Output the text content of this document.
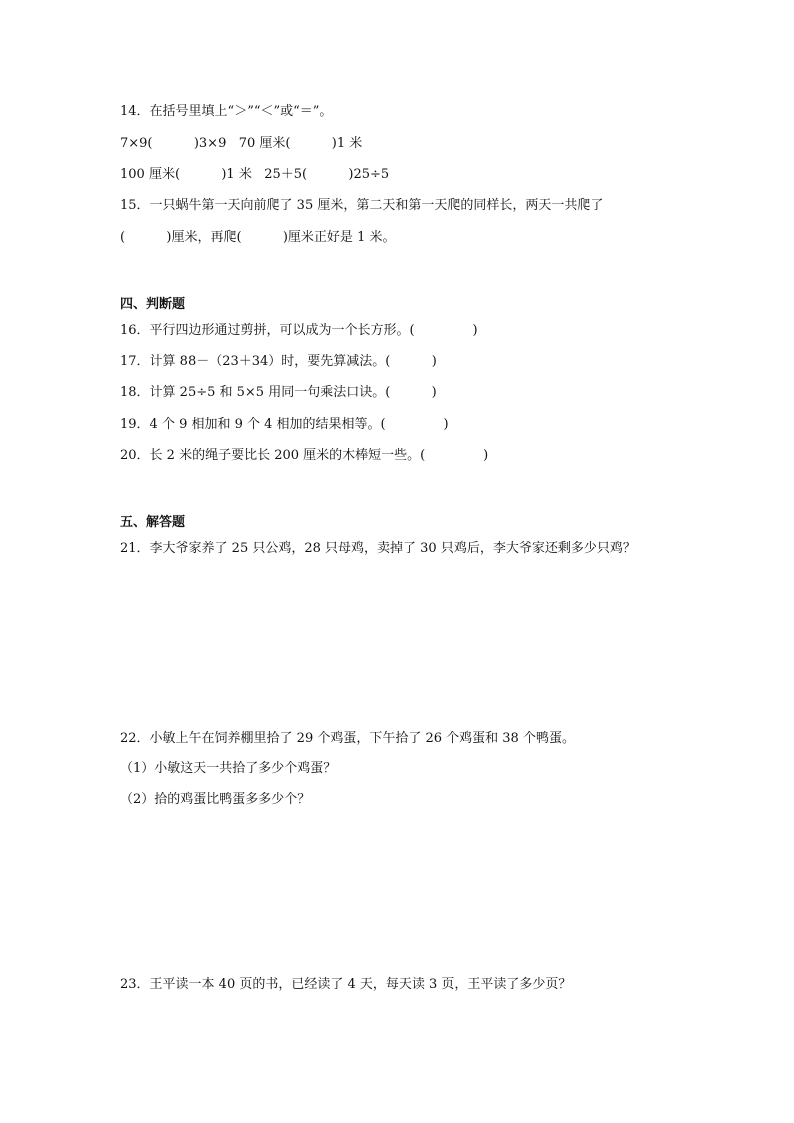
14．在括号里填上“＞”“＜”或“＝”。
7×9(          )3×9   70 厘米(          )1 米
100 厘米(          )1 米   25＋5(          )25÷5
15．一只蜗牛第一天向前爬了 35 厘米，第二天和第一天爬的同样长，两天一共爬了
(          )厘米，再爬(          )厘米正好是 1 米。
四、判断题
16．平行四边形通过剪拼，可以成为一个长方形。(              )
17．计算 88－（23＋34）时，要先算减法。(          )
18．计算 25÷5 和 5×5 用同一句乘法口诀。(          )
19．4 个 9 相加和 9 个 4 相加的结果相等。(              )
20．长 2 米的绳子要比长 200 厘米的木棒短一些。(              )
五、解答题
21．李大爷家养了 25 只公鸡，28 只母鸡，卖掉了 30 只鸡后，李大爷家还剩多少只鸡？
22．小敏上午在饲养棚里拾了 29 个鸡蛋，下午拾了 26 个鸡蛋和 38 个鸭蛋。
（1）小敏这天一共拾了多少个鸡蛋？
（2）拾的鸡蛋比鸭蛋多多少个？
23．王平读一本 40 页的书，已经读了 4 天，每天读 3 页，王平读了多少页？
